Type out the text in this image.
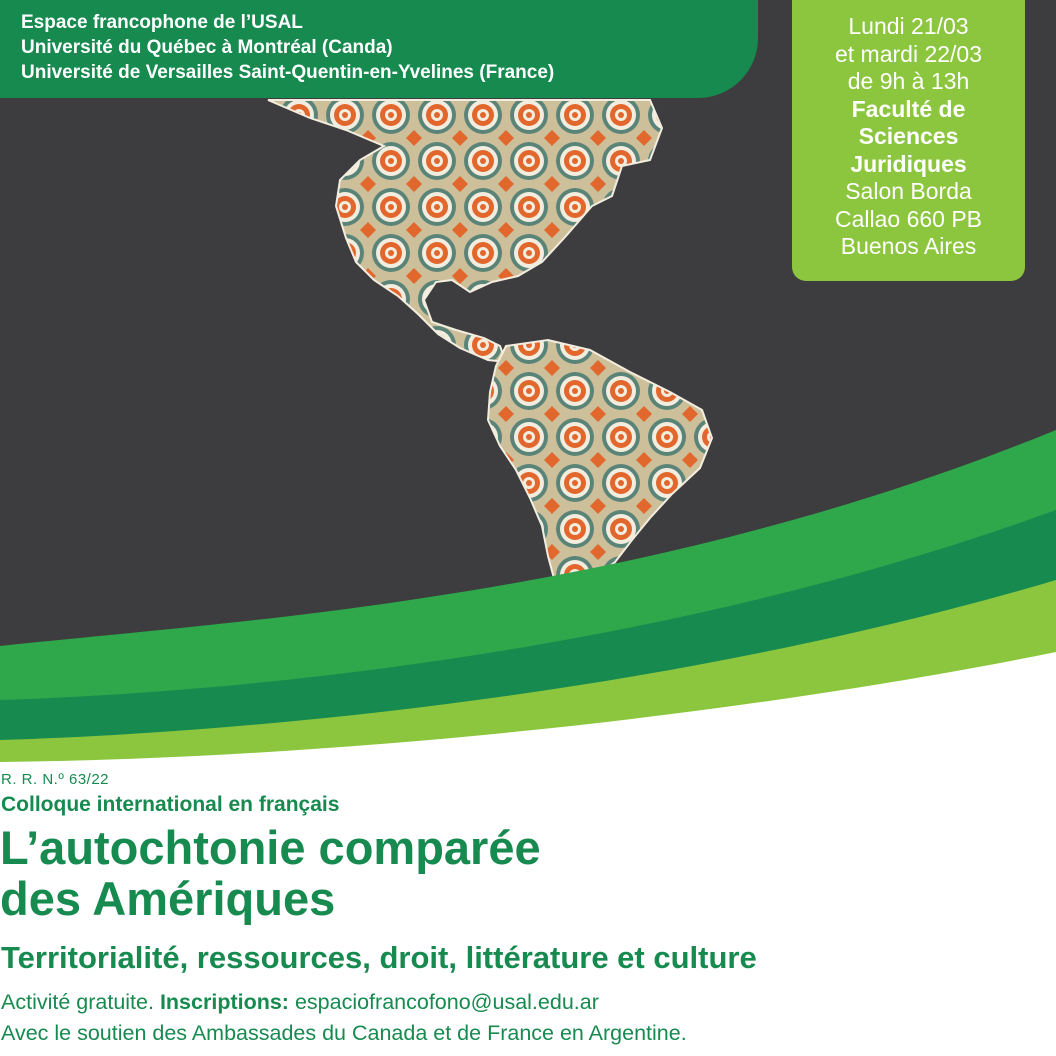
Espace francophone de l’USAL
Université du Québec à Montréal (Canda)
Université de Versailles Saint-Quentin-en-Yvelines (France)
Lundi 21/03
et mardi 22/03
de 9h à 13h
Faculté de
Sciences
Juridiques
Salon Borda
Callao 660 PB
Buenos Aires
R. R. N.º 63/22
Colloque international en français
L’autochtonie comparée
des Amériques
Territorialité, ressources, droit, littérature et culture
Activité gratuite. Inscriptions: espaciofrancofono@usal.edu.ar
Avec le soutien des Ambassades du Canada et de France en Argentine.
